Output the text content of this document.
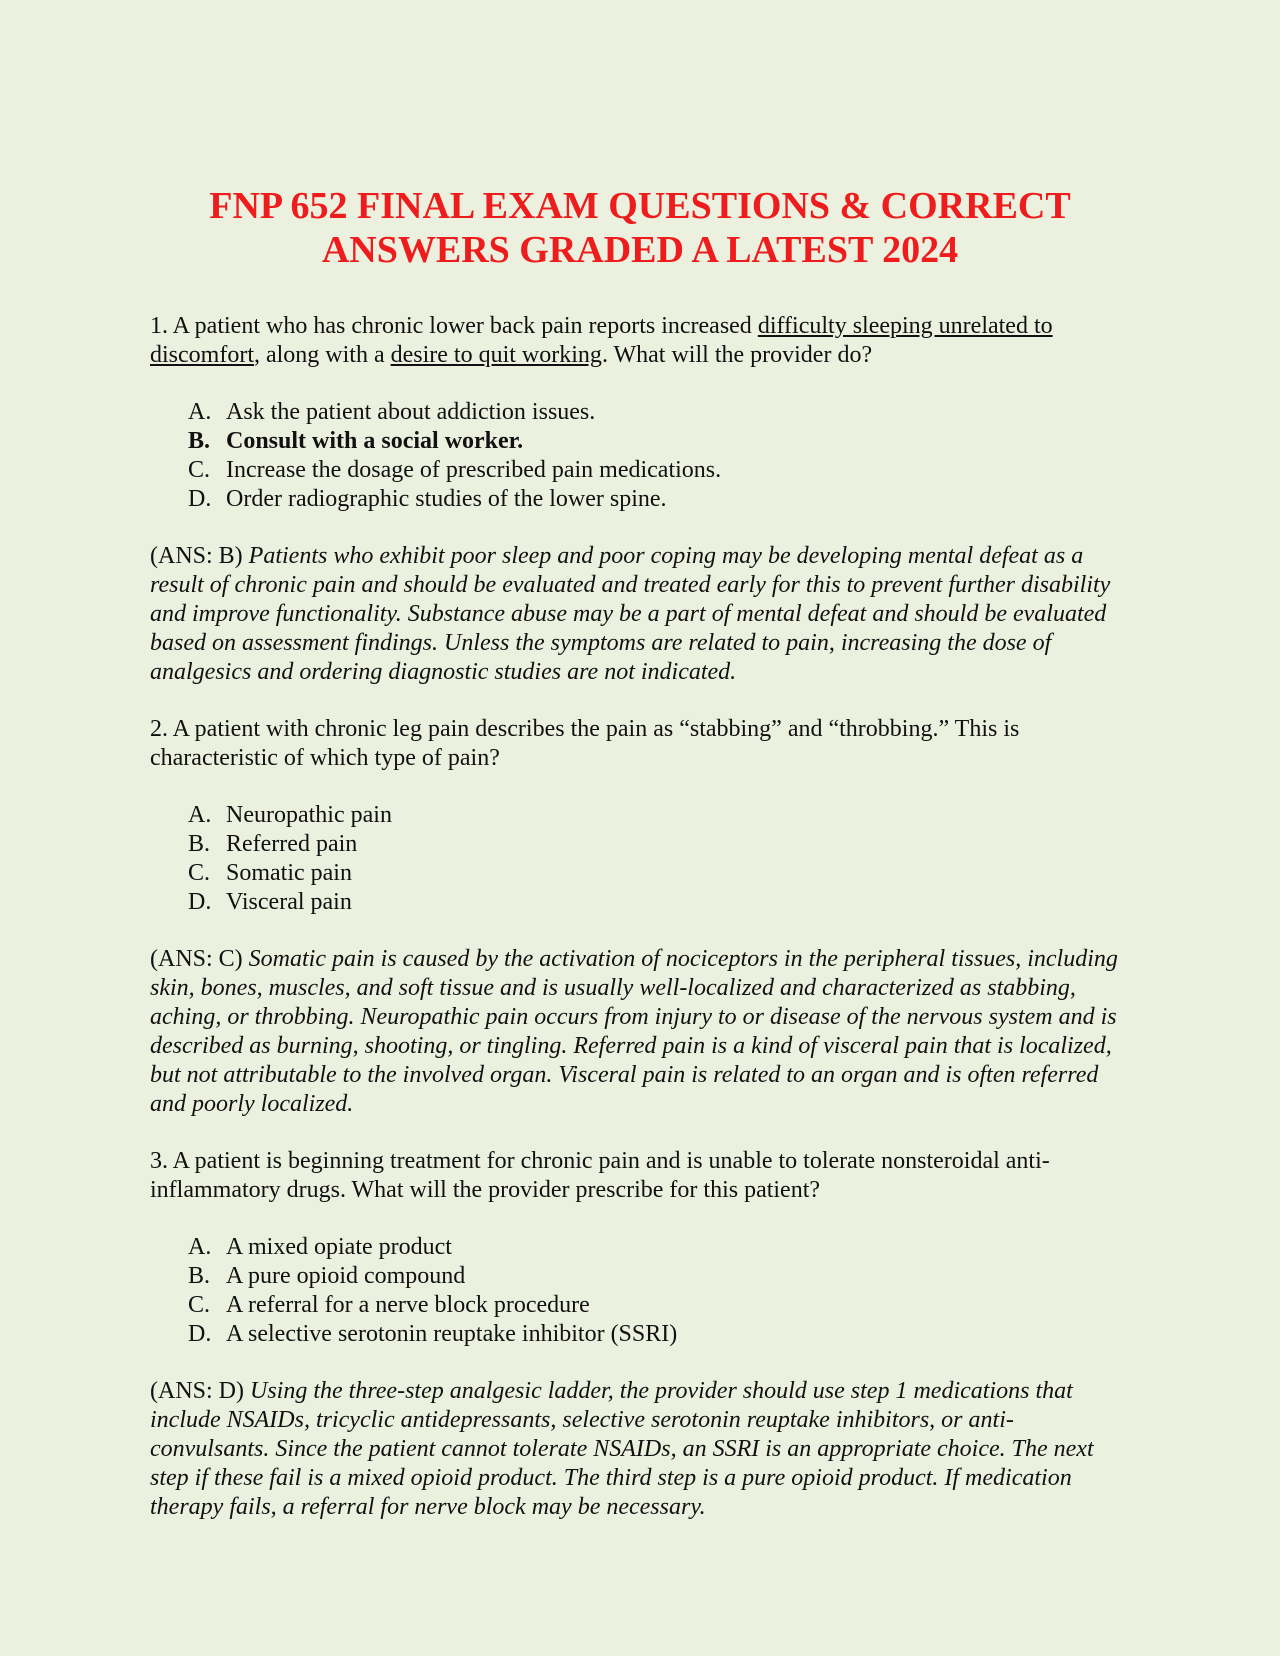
FNP 652 FINAL EXAM QUESTIONS & CORRECT
ANSWERS GRADED A LATEST 2024

1. A patient who has chronic lower back pain reports increased difficulty sleeping unrelated to discomfort, along with a desire to quit working. What will the provider do?

A. Ask the patient about addiction issues.
B. Consult with a social worker.
C. Increase the dosage of prescribed pain medications.
D. Order radiographic studies of the lower spine.

(ANS: B) Patients who exhibit poor sleep and poor coping may be developing mental defeat as a result of chronic pain and should be evaluated and treated early for this to prevent further disability and improve functionality. Substance abuse may be a part of mental defeat and should be evaluated based on assessment findings. Unless the symptoms are related to pain, increasing the dose of analgesics and ordering diagnostic studies are not indicated.

2. A patient with chronic leg pain describes the pain as “stabbing” and “throbbing.” This is characteristic of which type of pain?

A. Neuropathic pain
B. Referred pain
C. Somatic pain
D. Visceral pain

(ANS: C) Somatic pain is caused by the activation of nociceptors in the peripheral tissues, including skin, bones, muscles, and soft tissue and is usually well-localized and characterized as stabbing, aching, or throbbing. Neuropathic pain occurs from injury to or disease of the nervous system and is described as burning, shooting, or tingling. Referred pain is a kind of visceral pain that is localized, but not attributable to the involved organ. Visceral pain is related to an organ and is often referred and poorly localized.

3. A patient is beginning treatment for chronic pain and is unable to tolerate nonsteroidal anti-inflammatory drugs. What will the provider prescribe for this patient?

A. A mixed opiate product
B. A pure opioid compound
C. A referral for a nerve block procedure
D. A selective serotonin reuptake inhibitor (SSRI)

(ANS: D) Using the three-step analgesic ladder, the provider should use step 1 medications that include NSAIDs, tricyclic antidepressants, selective serotonin reuptake inhibitors, or anti-convulsants. Since the patient cannot tolerate NSAIDs, an SSRI is an appropriate choice. The next step if these fail is a mixed opioid product. The third step is a pure opioid product. If medication therapy fails, a referral for nerve block may be necessary.
